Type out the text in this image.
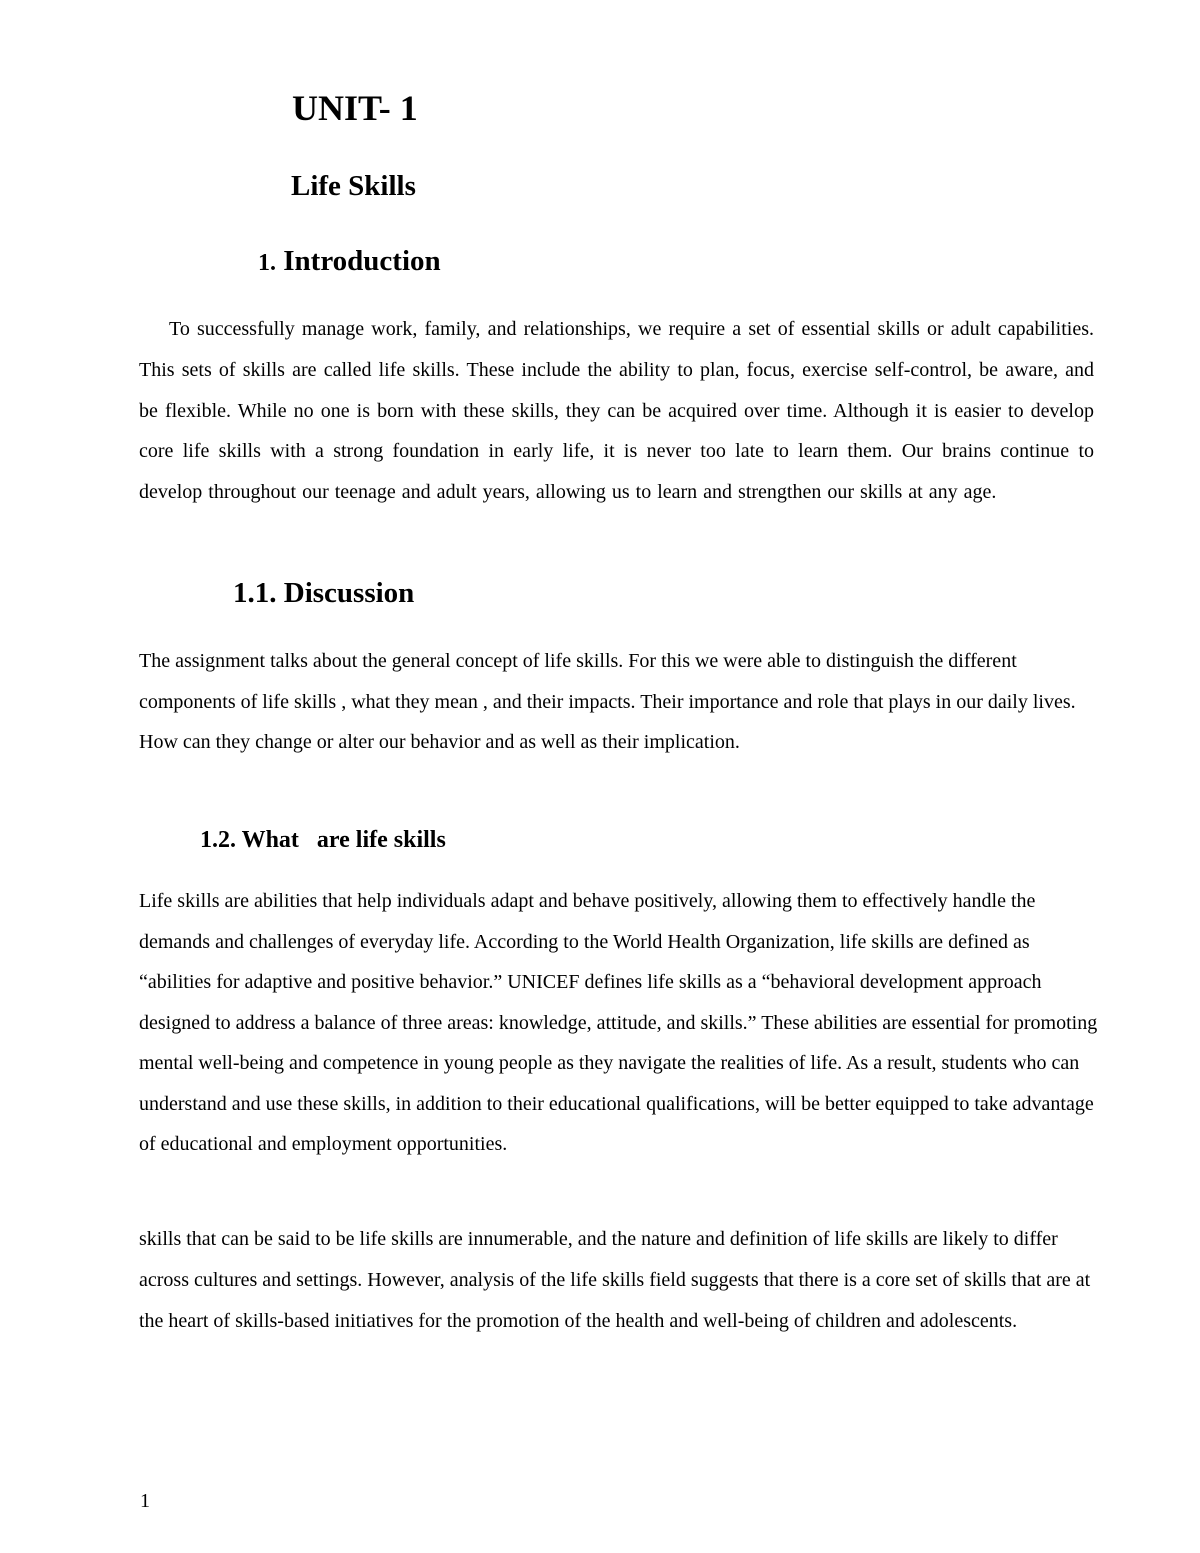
UNIT- 1
Life Skills
1. Introduction

To successfully manage work, family, and relationships, we require a set of essential skills or adult capabilities. This sets of skills are called life skills. These include the ability to plan, focus, exercise self-control, be aware, and be flexible. While no one is born with these skills, they can be acquired over time. Although it is easier to develop core life skills with a strong foundation in early life, it is never too late to learn them. Our brains continue to develop throughout our teenage and adult years, allowing us to learn and strengthen our skills at any age.

1.1. Discussion

The assignment talks about the general concept of life skills. For this we were able to distinguish the different components of life skills , what they mean , and their impacts. Their importance and role that plays in our daily lives. How can they change or alter our behavior and as well as their implication.

1.2. What   are life skills

Life skills are abilities that help individuals adapt and behave positively, allowing them to effectively handle the demands and challenges of everyday life. According to the World Health Organization, life skills are defined as “abilities for adaptive and positive behavior.” UNICEF defines life skills as a “behavioral development approach designed to address a balance of three areas: knowledge, attitude, and skills.” These abilities are essential for promoting mental well-being and competence in young people as they navigate the realities of life. As a result, students who can understand and use these skills, in addition to their educational qualifications, will be better equipped to take advantage of educational and employment opportunities.

skills that can be said to be life skills are innumerable, and the nature and definition of life skills are likely to differ across cultures and settings. However, analysis of the life skills field suggests that there is a core set of skills that are at the heart of skills-based initiatives for the promotion of the health and well-being of children and adolescents.

1
